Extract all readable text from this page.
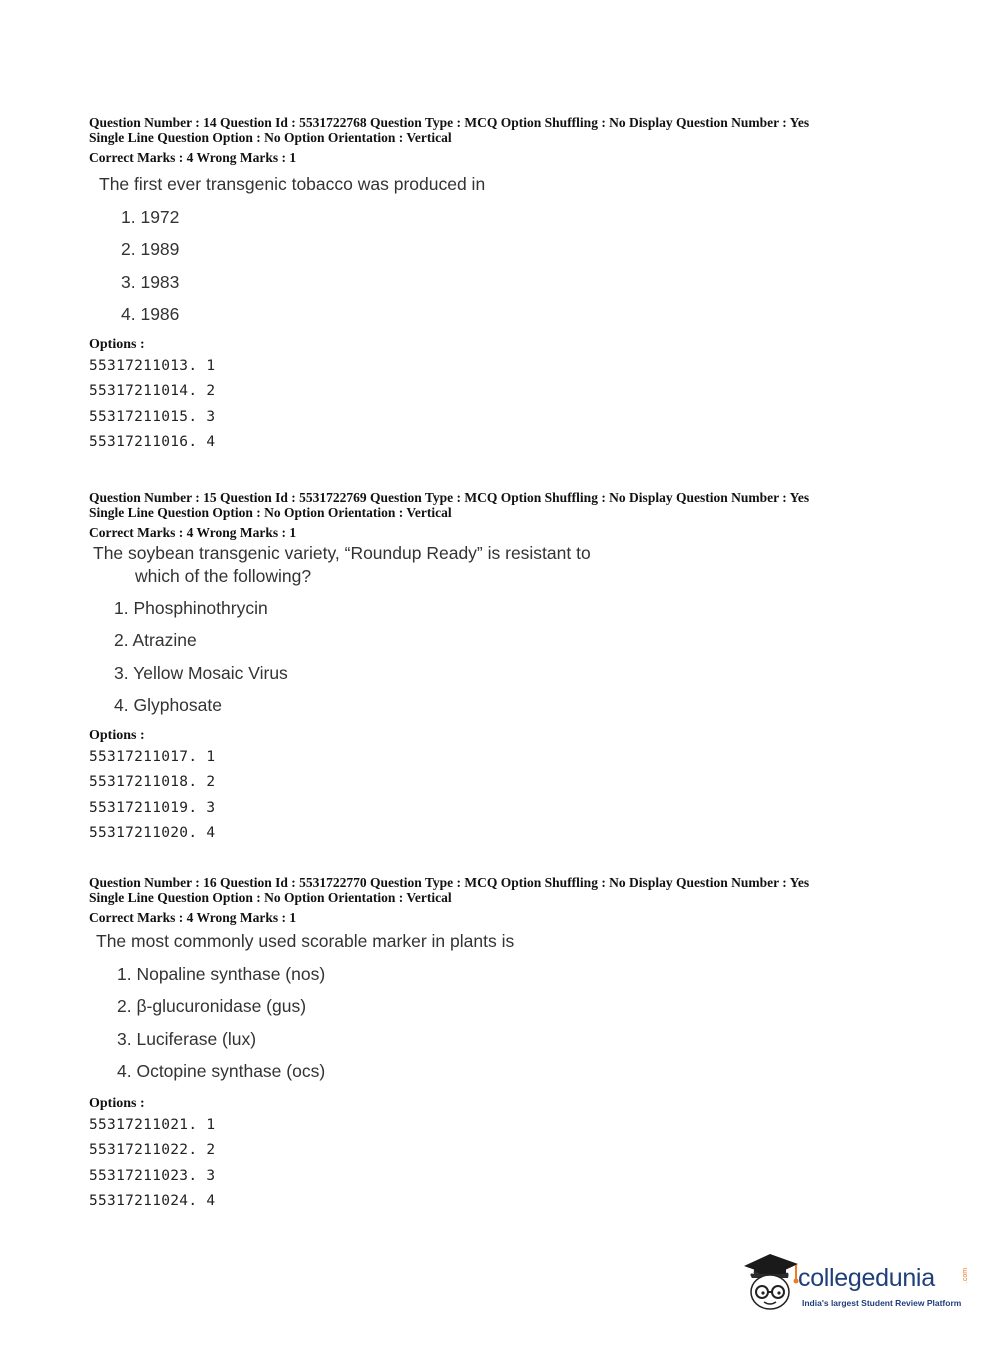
Question Number : 14 Question Id : 5531722768 Question Type : MCQ Option Shuffling : No Display Question Number : Yes
Single Line Question Option : No Option Orientation : Vertical
Correct Marks : 4 Wrong Marks : 1
The first ever transgenic tobacco was produced in
1. 1972
2. 1989
3. 1983
4. 1986
Options :
55317211013. 1
55317211014. 2
55317211015. 3
55317211016. 4
Question Number : 15 Question Id : 5531722769 Question Type : MCQ Option Shuffling : No Display Question Number : Yes
Single Line Question Option : No Option Orientation : Vertical
Correct Marks : 4 Wrong Marks : 1
The soybean transgenic variety, “Roundup Ready” is resistant to
which of the following?
1. Phosphinothrycin
2. Atrazine
3. Yellow Mosaic Virus
4. Glyphosate
Options :
55317211017. 1
55317211018. 2
55317211019. 3
55317211020. 4
Question Number : 16 Question Id : 5531722770 Question Type : MCQ Option Shuffling : No Display Question Number : Yes
Single Line Question Option : No Option Orientation : Vertical
Correct Marks : 4 Wrong Marks : 1
The most commonly used scorable marker in plants is
1. Nopaline synthase (nos)
2. β-glucuronidase (gus)
3. Luciferase (lux)
4. Octopine synthase (ocs)
Options :
55317211021. 1
55317211022. 2
55317211023. 3
55317211024. 4
collegedunia	.com
India's largest Student Review Platform
